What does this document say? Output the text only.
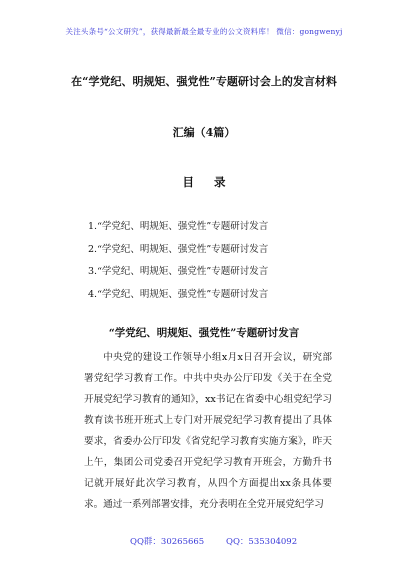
关注头条号“公文研究”，获得最新最全最专业的公文资料库！ 微信：gongwenyj
在“学党纪、明规矩、强党性”专题研讨会上的发言材料
汇编（4篇）
目 录
1.“学党纪、明规矩、强党性”专题研讨发言
2.“学党纪、明规矩、强党性”专题研讨发言
3.“学党纪、明规矩、强党性”专题研讨发言
4.“学党纪、明规矩、强党性”专题研讨发言
“学党纪、明规矩、强党性”专题研讨发言

中央党的建设工作领导小组x月x日召开会议，研究部署党纪学习教育工作。中共中央办公厅印发《关于在全党开展党纪学习教育的通知》，xx书记在省委中心组党纪学习教育读书班开班式上专门对开展党纪学习教育提出了具体要求，省委办公厅印发《省党纪学习教育实施方案》，昨天上午，集团公司党委召开党纪学习教育开班会，方勤升书记就开展好此次学习教育，从四个方面提出xx条具体要求。通过一系列部署安排，充分表明在全党开展党纪学习

QQ群：30265665	QQ：535304092
